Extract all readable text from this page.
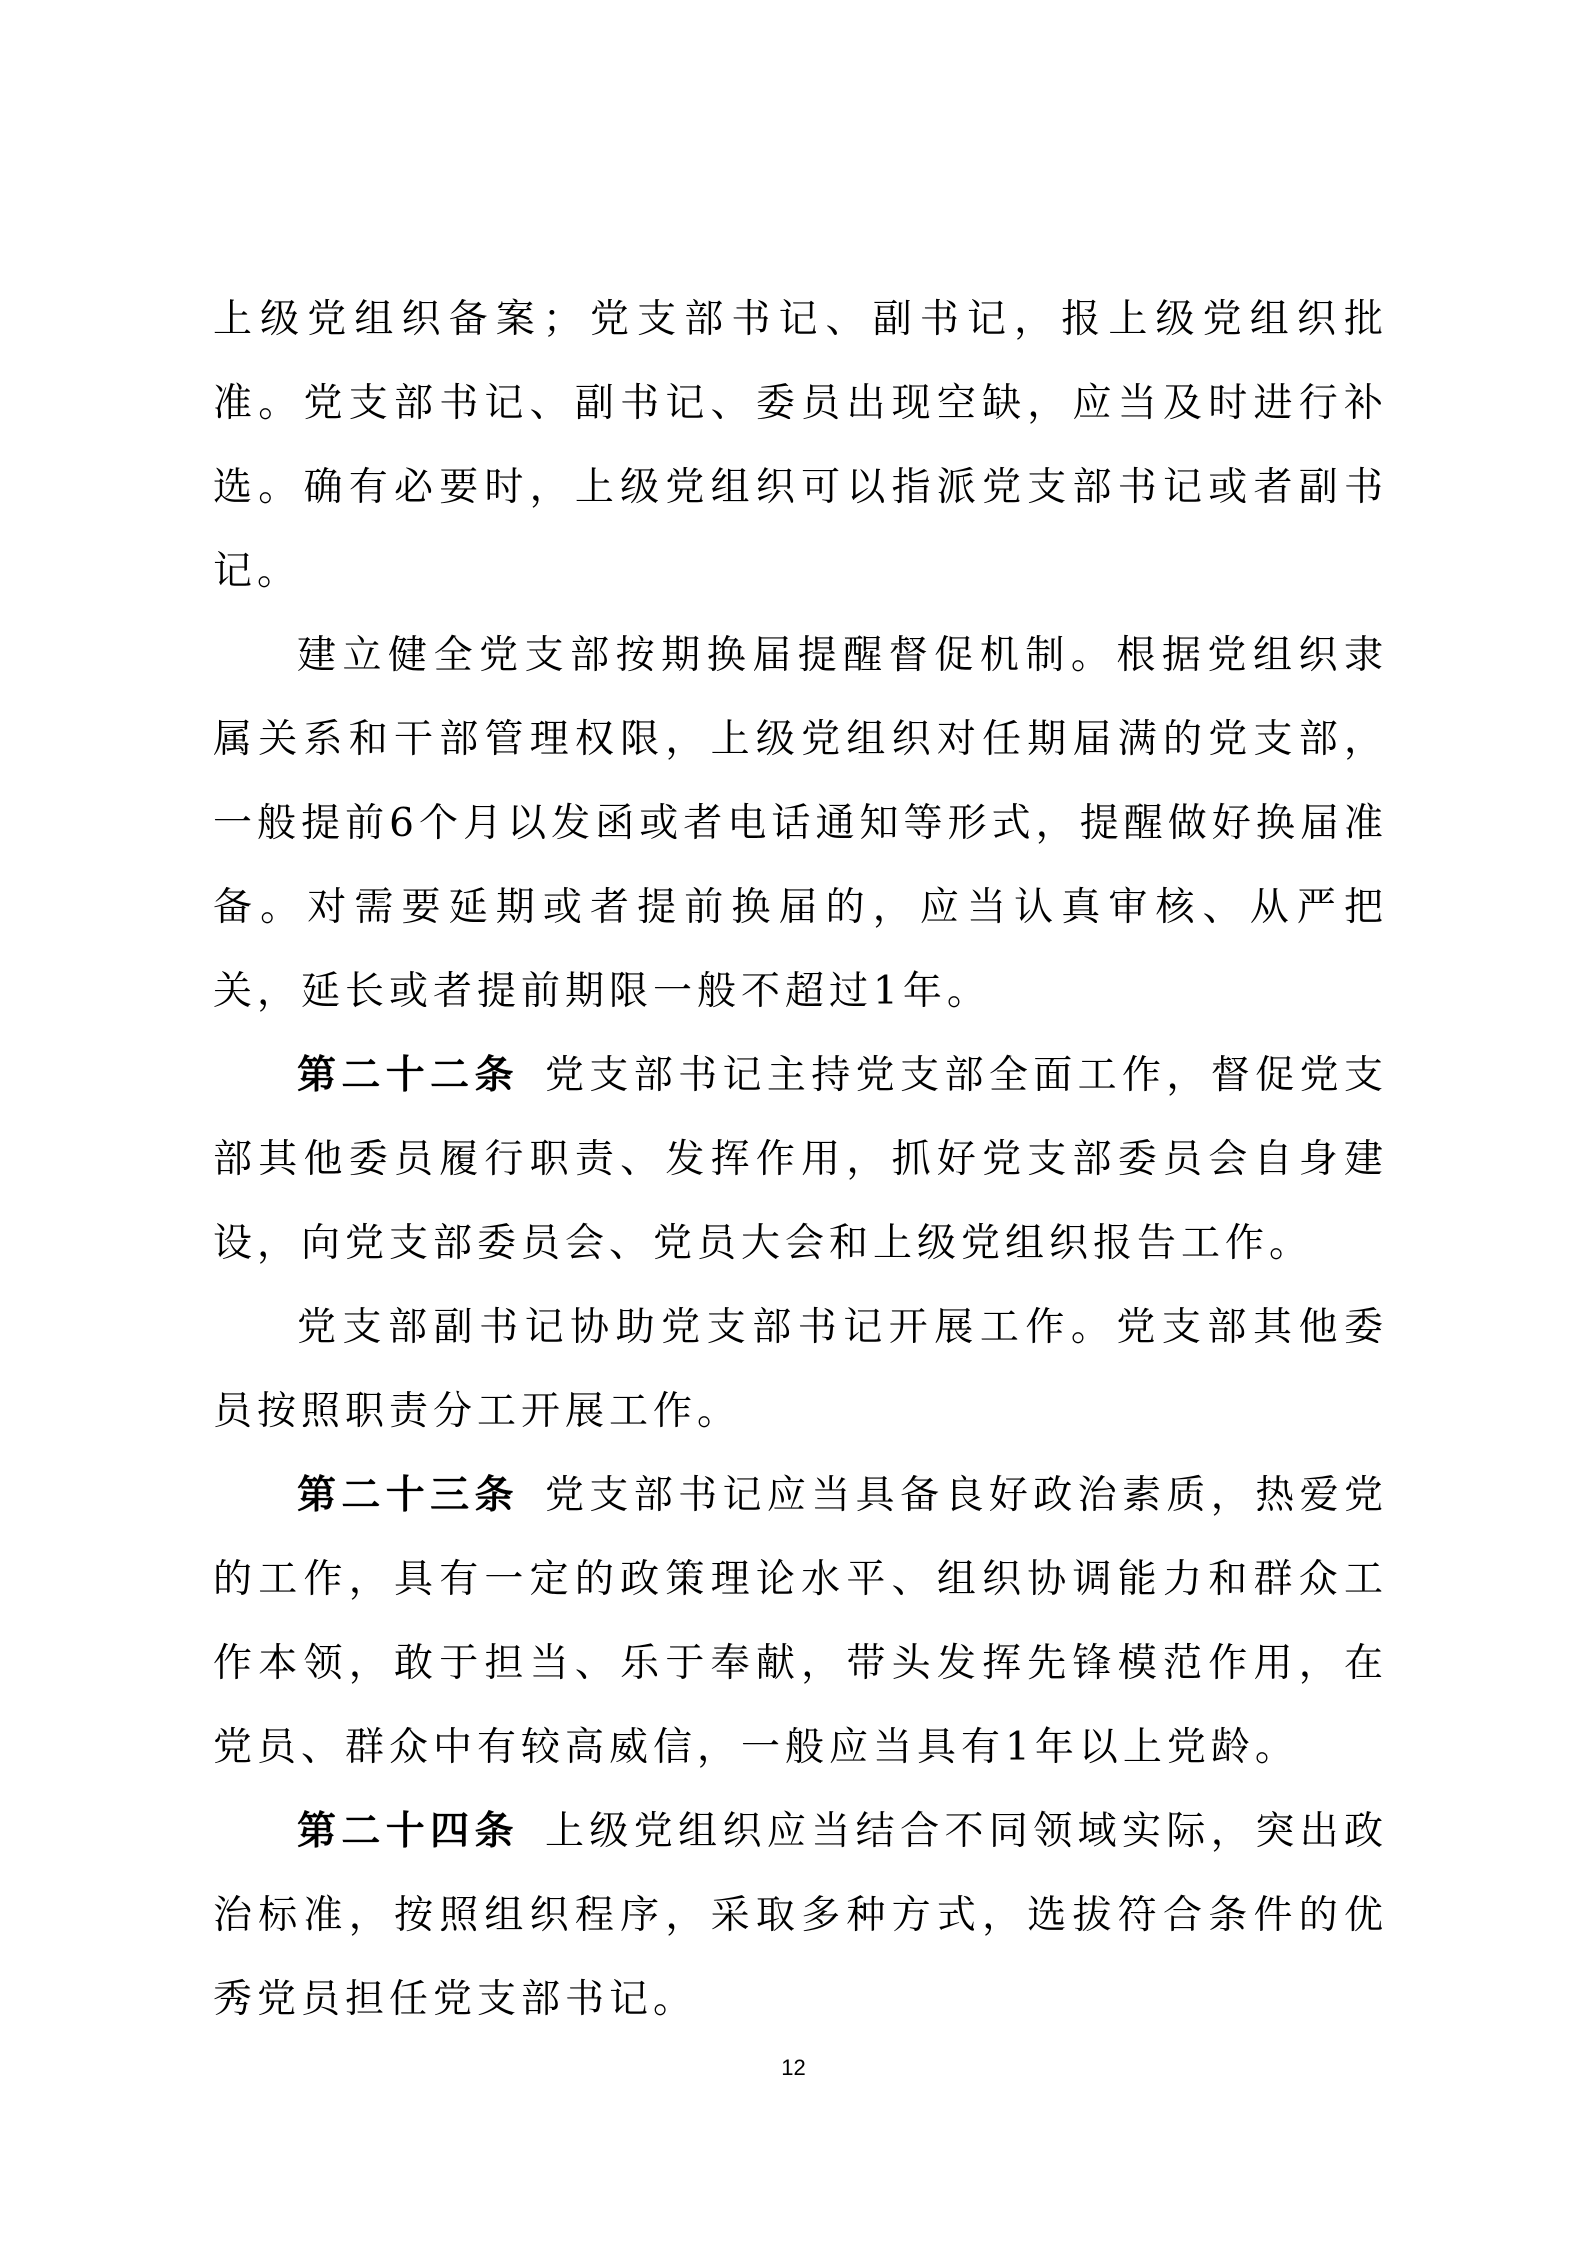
上级党组织备案；党支部书记、副书记，报上级党组织批准。党支部书记、副书记、委员出现空缺，应当及时进行补选。确有必要时，上级党组织可以指派党支部书记或者副书记。

建立健全党支部按期换届提醒督促机制。根据党组织隶属关系和干部管理权限，上级党组织对任期届满的党支部，一般提前6个月以发函或者电话通知等形式，提醒做好换届准备。对需要延期或者提前换届的，应当认真审核、从严把关，延长或者提前期限一般不超过1年。

第二十二条 党支部书记主持党支部全面工作，督促党支部其他委员履行职责、发挥作用，抓好党支部委员会自身建设，向党支部委员会、党员大会和上级党组织报告工作。

党支部副书记协助党支部书记开展工作。党支部其他委员按照职责分工开展工作。

第二十三条 党支部书记应当具备良好政治素质，热爱党的工作，具有一定的政策理论水平、组织协调能力和群众工作本领，敢于担当、乐于奉献，带头发挥先锋模范作用，在党员、群众中有较高威信，一般应当具有1年以上党龄。

第二十四条 上级党组织应当结合不同领域实际，突出政治标准，按照组织程序，采取多种方式，选拔符合条件的优秀党员担任党支部书记。

12
